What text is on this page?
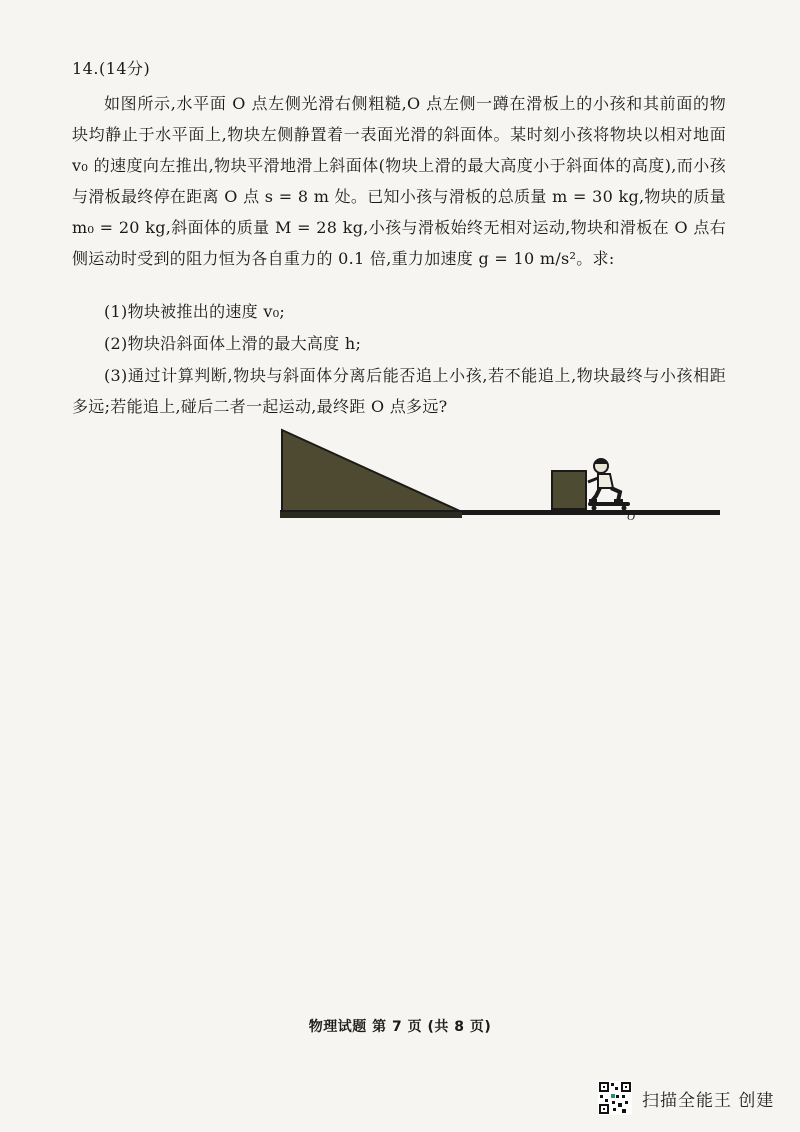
14.(14分)
如图所示,水平面 O 点左侧光滑右侧粗糙,O 点左侧一蹲在滑板上的小孩和其前面的物块均静止于水平面上,物块左侧静置着一表面光滑的斜面体。某时刻小孩将物块以相对地面 v₀ 的速度向左推出,物块平滑地滑上斜面体(物块上滑的最大高度小于斜面体的高度),而小孩与滑板最终停在距离 O 点 s = 8 m 处。已知小孩与滑板的总质量 m = 30 kg,物块的质量 m₀ = 20 kg,斜面体的质量 M = 28 kg,小孩与滑板始终无相对运动,物块和滑板在 O 点右侧运动时受到的阻力恒为各自重力的 0.1 倍,重力加速度 g = 10 m/s²。求:
(1)物块被推出的速度 v₀;
(2)物块沿斜面体上滑的最大高度 h;
(3)通过计算判断,物块与斜面体分离后能否追上小孩,若不能追上,物块最终与小孩相距多远;若能追上,碰后二者一起运动,最终距 O 点多远?
O
物理试题 第 7 页 (共 8 页)
扫描全能王 创建
